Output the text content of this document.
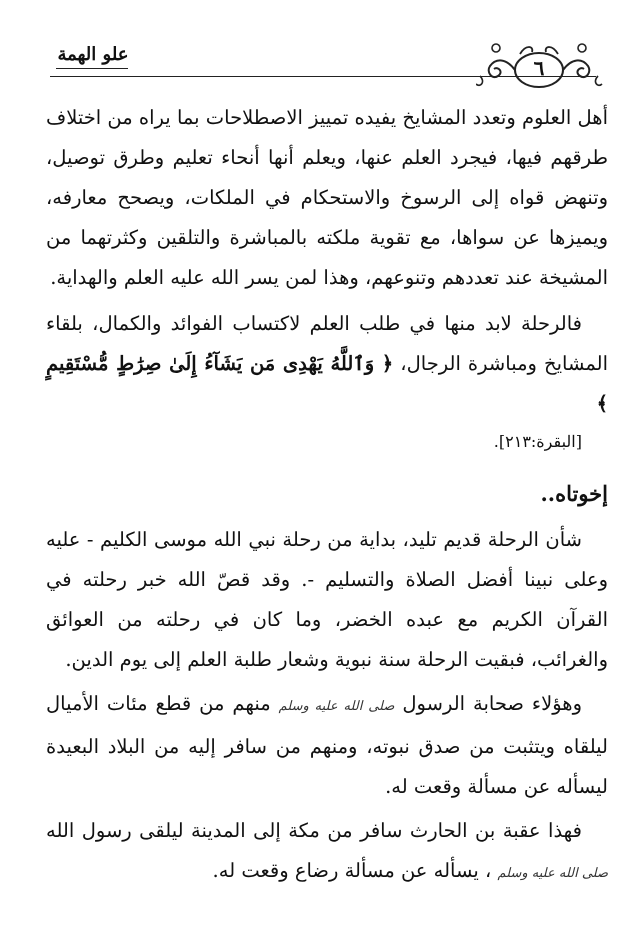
علو الهمة
٦

أهل العلوم وتعدد المشايخ يفيده تمييز الاصطلاحات بما يراه من اختلاف طرقهم فيها، فيجرد العلم عنها، ويعلم أنها أنحاء تعليم وطرق توصيل، وتنهض قواه إلى الرسوخ والاستحكام في الملكات، ويصحح معارفه، ويميزها عن سواها، مع تقوية ملكته بالمباشرة والتلقين وكثرتهما من المشيخة عند تعددهم وتنوعهم، وهذا لمن يسر الله عليه العلم والهداية.

فالرحلة لابد منها في طلب العلم لاكتساب الفوائد والكمال، بلقاء المشايخ ومباشرة الرجال، ﴿ وَٱللَّهُ يَهْدِى مَن يَشَآءُ إِلَىٰ صِرَٰطٍ مُّسْتَقِيمٍ ﴾
[البقرة:٢١٣].

إخوتاه..

شأن الرحلة قديم تليد، بداية من رحلة نبي الله موسى الكليم - عليه وعلى نبينا أفضل الصلاة والتسليم -. وقد قصّ الله خبر رحلته في القرآن الكريم مع عبده الخضر، وما كان في رحلته من العوائق والغرائب، فبقيت الرحلة سنة نبوية وشعار طلبة العلم إلى يوم الدين.

وهؤلاء صحابة الرسول صلى الله عليه وسلم منهم من قطع مئات الأميال ليلقاه ويتثبت من صدق نبوته، ومنهم من سافر إليه من البلاد البعيدة ليسأله عن مسألة وقعت له.

فهذا عقبة بن الحارث سافر من مكة إلى المدينة ليلقى رسول الله صلى الله عليه وسلم ، يسأله عن مسألة رضاع وقعت له.
